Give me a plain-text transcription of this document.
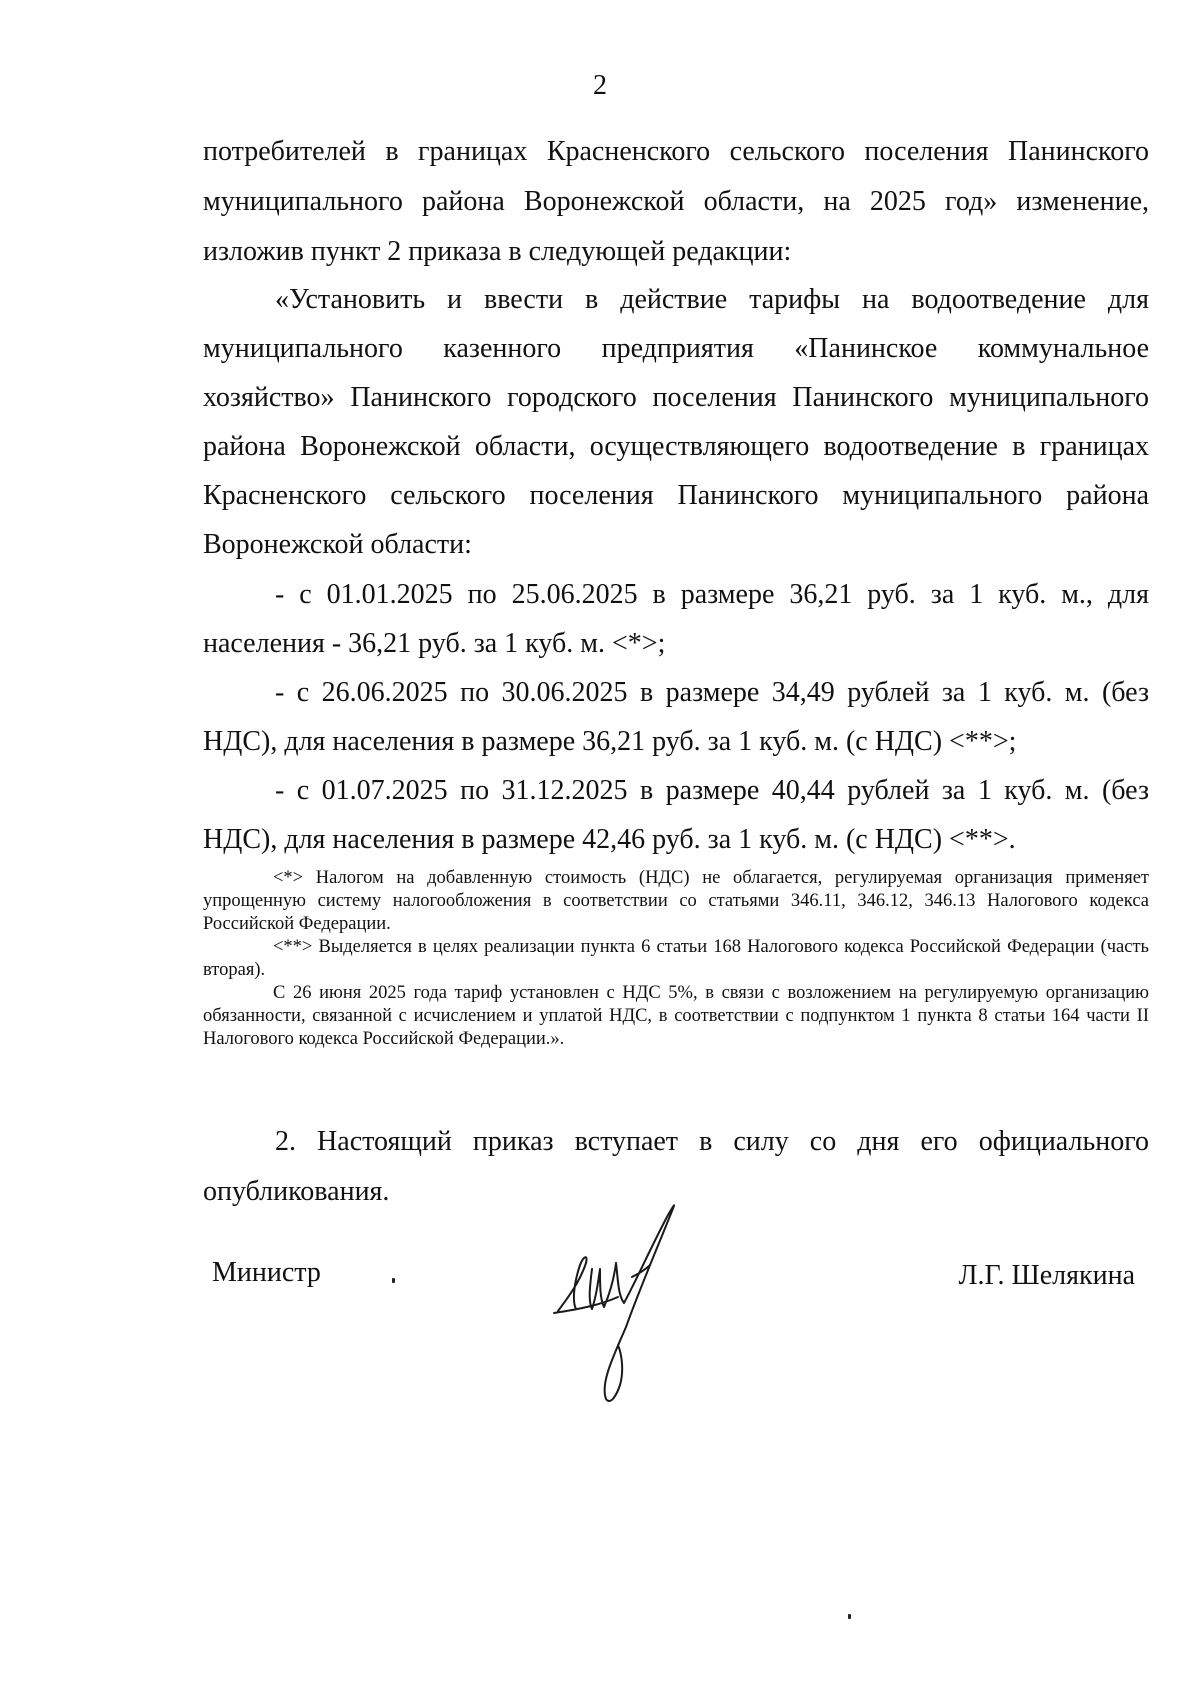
2

потребителей в границах Красненского сельского поселения Панинского муниципального района Воронежской области, на 2025 год» изменение, изложив пункт 2 приказа в следующей редакции:

«Установить и ввести в действие тарифы на водоотведение для муниципального казенного предприятия «Панинское коммунальное хозяйство» Панинского городского поселения Панинского муниципального района Воронежской области, осуществляющего водоотведение в границах Красненского сельского поселения Панинского муниципального района Воронежской области:

- с 01.01.2025 по 25.06.2025 в размере 36,21 руб. за 1 куб. м., для населения - 36,21 руб. за 1 куб. м. <*>;

- с 26.06.2025 по 30.06.2025 в размере 34,49 рублей за 1 куб. м. (без НДС), для населения в размере 36,21 руб. за 1 куб. м. (с НДС) <**>;

- с 01.07.2025 по 31.12.2025 в размере 40,44 рублей за 1 куб. м. (без НДС), для населения в размере 42,46 руб. за 1 куб. м. (с НДС) <**>.

<*> Налогом на добавленную стоимость (НДС) не облагается, регулируемая организация применяет упрощенную систему налогообложения в соответствии со статьями 346.11, 346.12, 346.13 Налогового кодекса Российской Федерации.

<**> Выделяется в целях реализации пункта 6 статьи 168 Налогового кодекса Российской Федерации (часть вторая).

С 26 июня 2025 года тариф установлен с НДС 5%, в связи с возложением на регулируемую организацию обязанности, связанной с исчислением и уплатой НДС, в соответствии с подпунктом 1 пункта 8 статьи 164 части II Налогового кодекса Российской Федерации.».

2. Настоящий приказ вступает в силу со дня его официального опубликования.

Министр	Л.Г. Шелякина
